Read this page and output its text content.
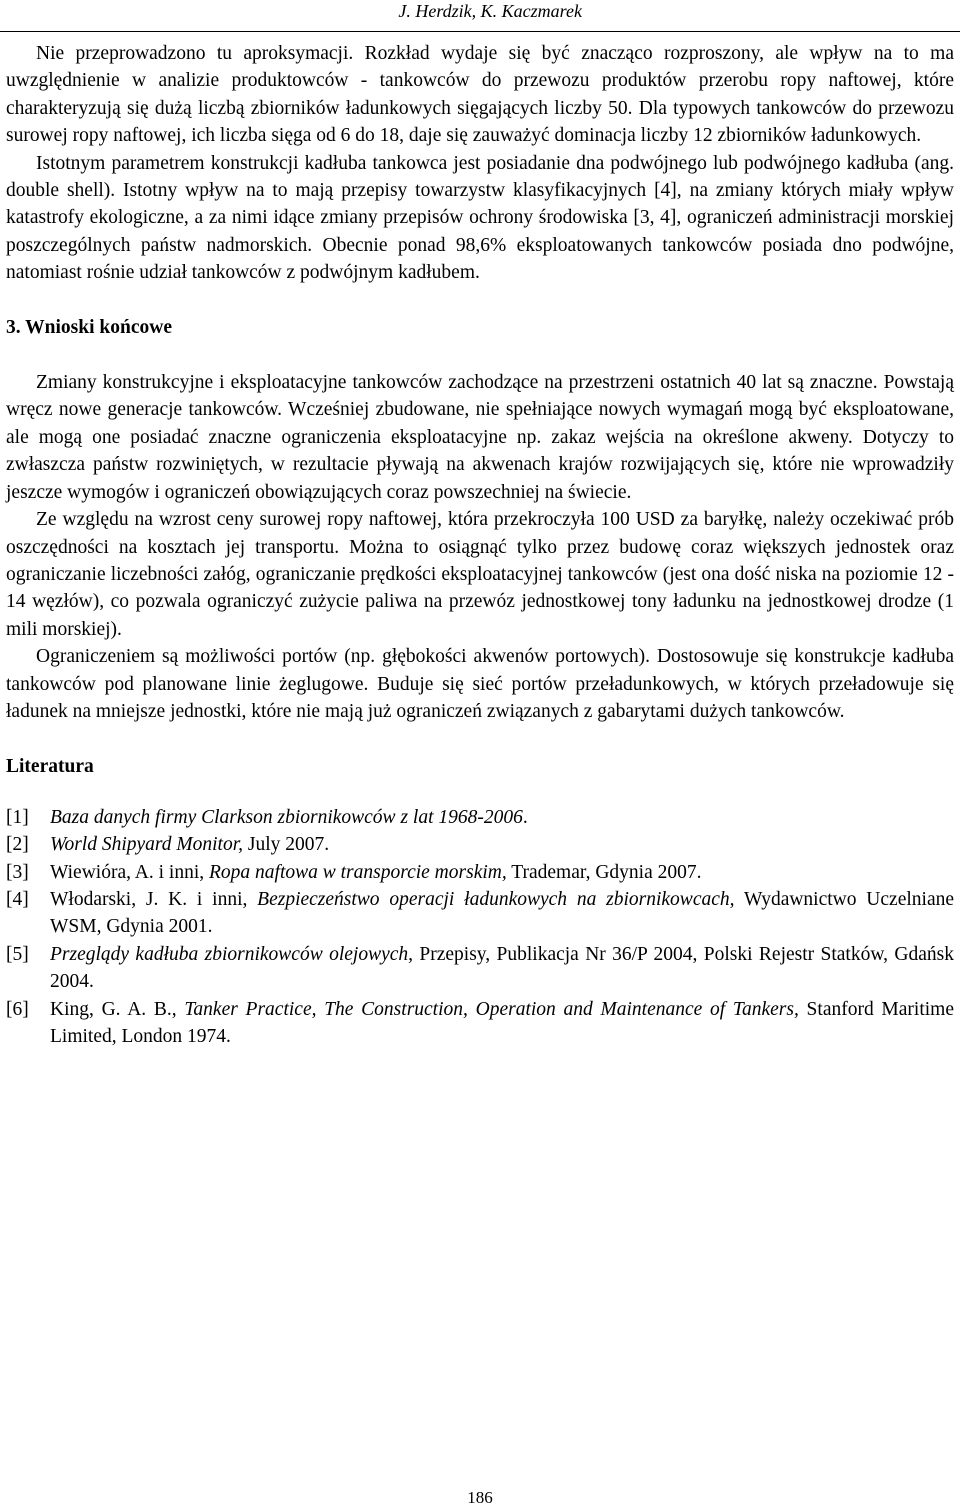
J. Herdzik, K. Kaczmarek

Nie przeprowadzono tu aproksymacji. Rozkład wydaje się być znacząco rozproszony, ale wpływ na to ma uwzględnienie w analizie produktowców - tankowców do przewozu produktów przerobu ropy naftowej, które charakteryzują się dużą liczbą zbiorników ładunkowych sięgających liczby 50. Dla typowych tankowców do przewozu surowej ropy naftowej, ich liczba sięga od 6 do 18, daje się zauważyć dominacja liczby 12 zbiorników ładunkowych.

Istotnym parametrem konstrukcji kadłuba tankowca jest posiadanie dna podwójnego lub podwójnego kadłuba (ang. double shell). Istotny wpływ na to mają przepisy towarzystw klasyfikacyjnych [4], na zmiany których miały wpływ katastrofy ekologiczne, a za nimi idące zmiany przepisów ochrony środowiska [3, 4], ograniczeń administracji morskiej poszczególnych państw nadmorskich. Obecnie ponad 98,6% eksploatowanych tankowców posiada dno podwójne, natomiast rośnie udział tankowców z podwójnym kadłubem.

3. Wnioski końcowe

Zmiany konstrukcyjne i eksploatacyjne tankowców zachodzące na przestrzeni ostatnich 40 lat są znaczne. Powstają wręcz nowe generacje tankowców. Wcześniej zbudowane, nie spełniające nowych wymagań mogą być eksploatowane, ale mogą one posiadać znaczne ograniczenia eksploatacyjne np. zakaz wejścia na określone akweny. Dotyczy to zwłaszcza państw rozwiniętych, w rezultacie pływają na akwenach krajów rozwijających się, które nie wprowadziły jeszcze wymogów i ograniczeń obowiązujących coraz powszechniej na świecie.

Ze względu na wzrost ceny surowej ropy naftowej, która przekroczyła 100 USD za baryłkę, należy oczekiwać prób oszczędności na kosztach jej transportu. Można to osiągnąć tylko przez budowę coraz większych jednostek oraz ograniczanie liczebności załóg, ograniczanie prędkości eksploatacyjnej tankowców (jest ona dość niska na poziomie 12 - 14 węzłów), co pozwala ograniczyć zużycie paliwa na przewóz jednostkowej tony ładunku na jednostkowej drodze (1 mili morskiej).

Ograniczeniem są możliwości portów (np. głębokości akwenów portowych). Dostosowuje się konstrukcje kadłuba tankowców pod planowane linie żeglugowe. Buduje się sieć portów przeładunkowych, w których przeładowuje się ładunek na mniejsze jednostki, które nie mają już ograniczeń związanych z gabarytami dużych tankowców.

Literatura
[1]	Baza danych firmy Clarkson zbiornikowców z lat 1968-2006.
[2]	World Shipyard Monitor, July 2007.
[3]	Wiewióra, A. i inni, Ropa naftowa w transporcie morskim, Trademar, Gdynia 2007.
[4]	Włodarski, J. K. i inni, Bezpieczeństwo operacji ładunkowych na zbiornikowcach, Wydawnictwo Uczelniane WSM, Gdynia 2001.
[5]	Przeglądy kadłuba zbiornikowców olejowych, Przepisy, Publikacja Nr 36/P 2004, Polski Rejestr Statków, Gdańsk 2004.
[6]	King, G. A. B., Tanker Practice, The Construction, Operation and Maintenance of Tankers, Stanford Maritime Limited, London 1974.
186
